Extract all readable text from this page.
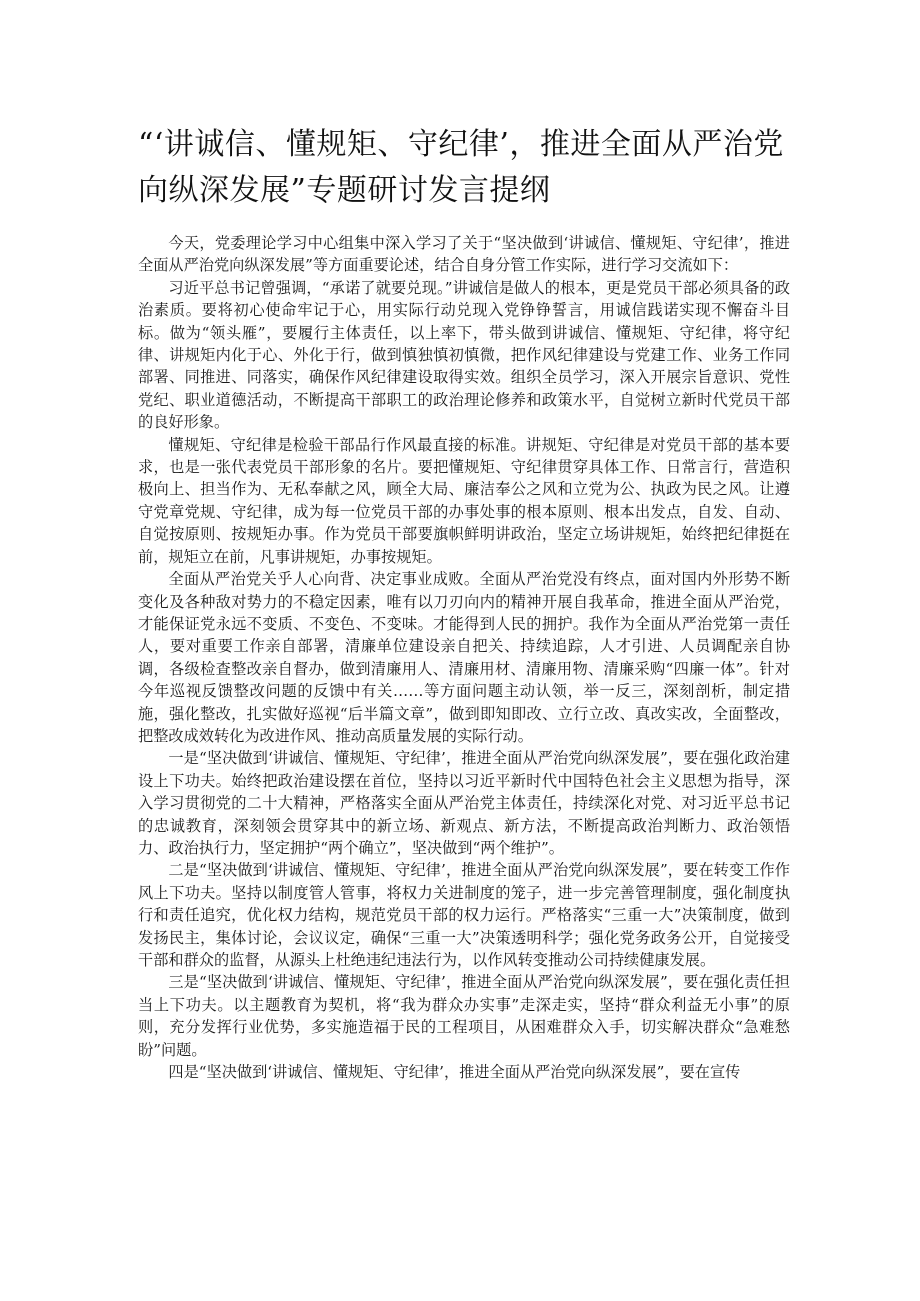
“‘讲诚信、懂规矩、守纪律’，推进全面从严治党向纵深发展”专题研讨发言提纲

今天，党委理论学习中心组集中深入学习了关于“坚决做到‘讲诚信、懂规矩、守纪律’，推进全面从严治党向纵深发展”等方面重要论述，结合自身分管工作实际，进行学习交流如下：

习近平总书记曾强调，“承诺了就要兑现。”讲诚信是做人的根本，更是党员干部必须具备的政治素质。要将初心使命牢记于心，用实际行动兑现入党铮铮誓言，用诚信践诺实现不懈奋斗目标。做为“领头雁”，要履行主体责任，以上率下，带头做到讲诚信、懂规矩、守纪律，将守纪律、讲规矩内化于心、外化于行，做到慎独慎初慎微，把作风纪律建设与党建工作、业务工作同部署、同推进、同落实，确保作风纪律建设取得实效。组织全员学习，深入开展宗旨意识、党性党纪、职业道德活动，不断提高干部职工的政治理论修养和政策水平，自觉树立新时代党员干部的良好形象。

懂规矩、守纪律是检验干部品行作风最直接的标准。讲规矩、守纪律是对党员干部的基本要求，也是一张代表党员干部形象的名片。要把懂规矩、守纪律贯穿具体工作、日常言行，营造积极向上、担当作为、无私奉献之风，顾全大局、廉洁奉公之风和立党为公、执政为民之风。让遵守党章党规、守纪律，成为每一位党员干部的办事处事的根本原则、根本出发点，自发、自动、自觉按原则、按规矩办事。作为党员干部要旗帜鲜明讲政治，坚定立场讲规矩，始终把纪律挺在前，规矩立在前，凡事讲规矩，办事按规矩。

全面从严治党关乎人心向背、决定事业成败。全面从严治党没有终点，面对国内外形势不断变化及各种敌对势力的不稳定因素，唯有以刀刃向内的精神开展自我革命，推进全面从严治党，才能保证党永远不变质、不变色、不变味。才能得到人民的拥护。我作为全面从严治党第一责任人，要对重要工作亲自部署，清廉单位建设亲自把关、持续追踪，人才引进、人员调配亲自协调，各级检查整改亲自督办，做到清廉用人、清廉用材、清廉用物、清廉采购“四廉一体”。针对今年巡视反馈整改问题的反馈中有关……等方面问题主动认领，举一反三，深刻剖析，制定措施，强化整改，扎实做好巡视“后半篇文章”，做到即知即改、立行立改、真改实改，全面整改，把整改成效转化为改进作风、推动高质量发展的实际行动。

一是“坚决做到‘讲诚信、懂规矩、守纪律’，推进全面从严治党向纵深发展”，要在强化政治建设上下功夫。始终把政治建设摆在首位，坚持以习近平新时代中国特色社会主义思想为指导，深入学习贯彻党的二十大精神，严格落实全面从严治党主体责任，持续深化对党、对习近平总书记的忠诚教育，深刻领会贯穿其中的新立场、新观点、新方法，不断提高政治判断力、政治领悟力、政治执行力，坚定拥护“两个确立”，坚决做到“两个维护”。

二是“坚决做到‘讲诚信、懂规矩、守纪律’，推进全面从严治党向纵深发展”，要在转变工作作风上下功夫。坚持以制度管人管事，将权力关进制度的笼子，进一步完善管理制度，强化制度执行和责任追究，优化权力结构，规范党员干部的权力运行。严格落实“三重一大”决策制度，做到发扬民主，集体讨论，会议议定，确保“三重一大”决策透明科学；强化党务政务公开，自觉接受干部和群众的监督，从源头上杜绝违纪违法行为，以作风转变推动公司持续健康发展。

三是“坚决做到‘讲诚信、懂规矩、守纪律’，推进全面从严治党向纵深发展”，要在强化责任担当上下功夫。以主题教育为契机，将“我为群众办实事”走深走实，坚持“群众利益无小事”的原则，充分发挥行业优势，多实施造福于民的工程项目，从困难群众入手，切实解决群众“急难愁盼”问题。

四是“坚决做到‘讲诚信、懂规矩、守纪律’，推进全面从严治党向纵深发展”，要在宣传
